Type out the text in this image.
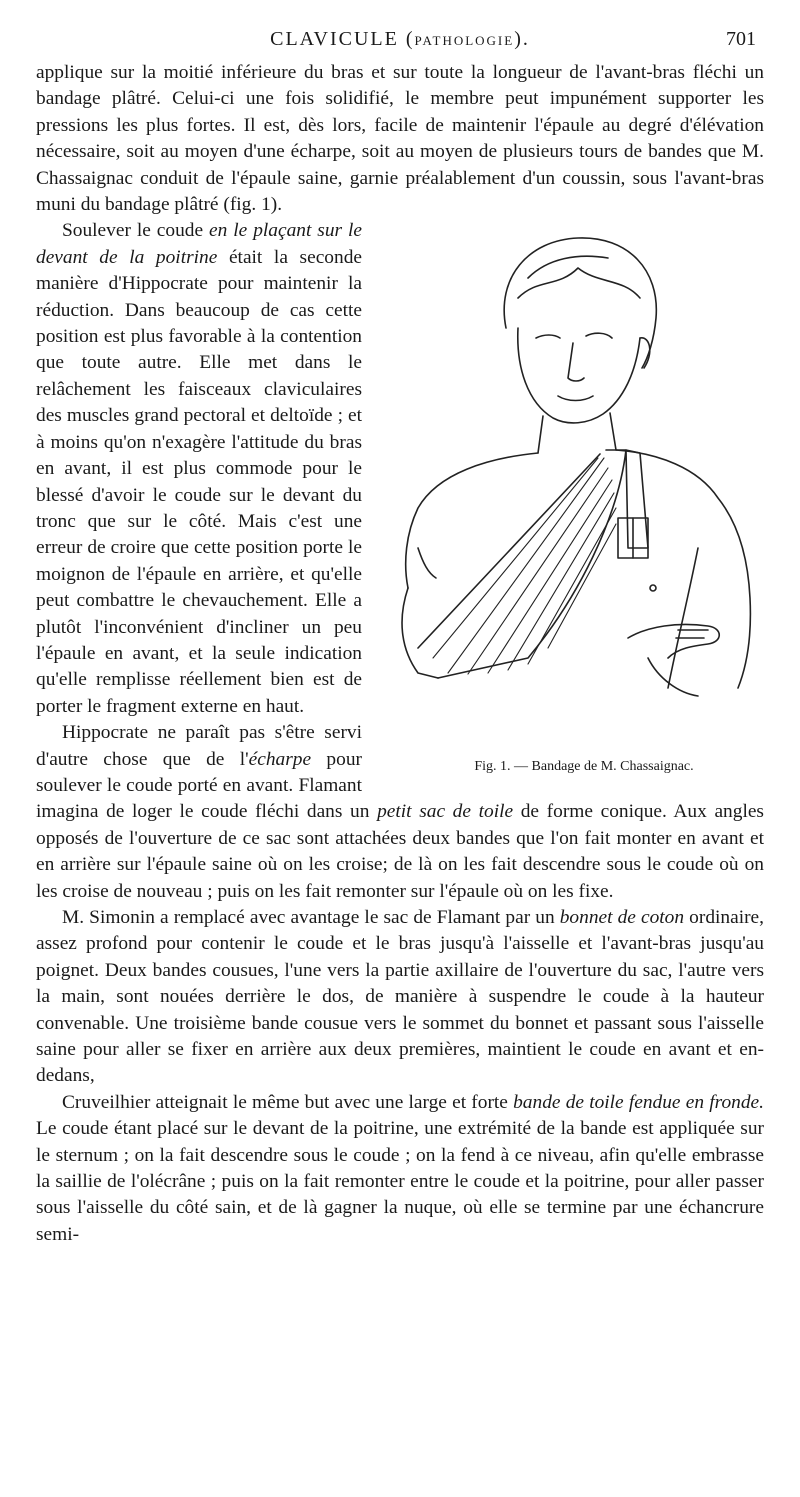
CLAVICULE (PATHOLOGIE).	701

applique sur la moitié inférieure du bras et sur toute la longueur de l'avant-bras fléchi un bandage plâtré. Celui-ci une fois solidifié, le membre peut impunément supporter les pressions les plus fortes. Il est, dès lors, facile de maintenir l'épaule au degré d'élévation nécessaire, soit au moyen d'une écharpe, soit au moyen de plusieurs tours de bandes que M. Chassaignac conduit de l'épaule saine, garnie préalablement d'un coussin, sous l'avant-bras muni du bandage plâtré (fig. 1).

Fig. 1. — Bandage de M. Chassaignac.
Soulever le coude en le plaçant sur le devant de la poitrine était la seconde manière d'Hippocrate pour maintenir la réduction. Dans beaucoup de cas cette position est plus favorable à la contention que toute autre. Elle met dans le relâchement les faisceaux claviculaires des muscles grand pectoral et deltoïde ; et à moins qu'on n'exagère l'attitude du bras en avant, il est plus commode pour le blessé d'avoir le coude sur le devant du tronc que sur le côté. Mais c'est une erreur de croire que cette position porte le moignon de l'épaule en arrière, et qu'elle peut combattre le chevauchement. Elle a plutôt l'inconvénient d'incliner un peu l'épaule en avant, et la seule indication qu'elle remplisse réellement bien est de porter le fragment externe en haut.

Hippocrate ne paraît pas s'être servi d'autre chose que de l'écharpe pour soulever le coude porté en avant. Flamant imagina de loger le coude fléchi dans un petit sac de toile de forme conique. Aux angles opposés de l'ouverture de ce sac sont attachées deux bandes que l'on fait monter en avant et en arrière sur l'épaule saine où on les croise; de là on les fait descendre sous le coude où on les croise de nouveau ; puis on les fait remonter sur l'épaule où on les fixe.

M. Simonin a remplacé avec avantage le sac de Flamant par un bonnet de coton ordinaire, assez profond pour contenir le coude et le bras jusqu'à l'aisselle et l'avant-bras jusqu'au poignet. Deux bandes cousues, l'une vers la partie axillaire de l'ouverture du sac, l'autre vers la main, sont nouées derrière le dos, de manière à suspendre le coude à la hauteur convenable. Une troisième bande cousue vers le sommet du bonnet et passant sous l'aisselle saine pour aller se fixer en arrière aux deux premières, maintient le coude en avant et en-dedans,

Cruveilhier atteignait le même but avec une large et forte bande de toile fendue en fronde. Le coude étant placé sur le devant de la poitrine, une extrémité de la bande est appliquée sur le sternum ; on la fait descendre sous le coude ; on la fend à ce niveau, afin qu'elle embrasse la saillie de l'olécrâne ; puis on la fait remonter entre le coude et la poitrine, pour aller passer sous l'aisselle du côté sain, et de là gagner la nuque, où elle se termine par une échancrure semi-
